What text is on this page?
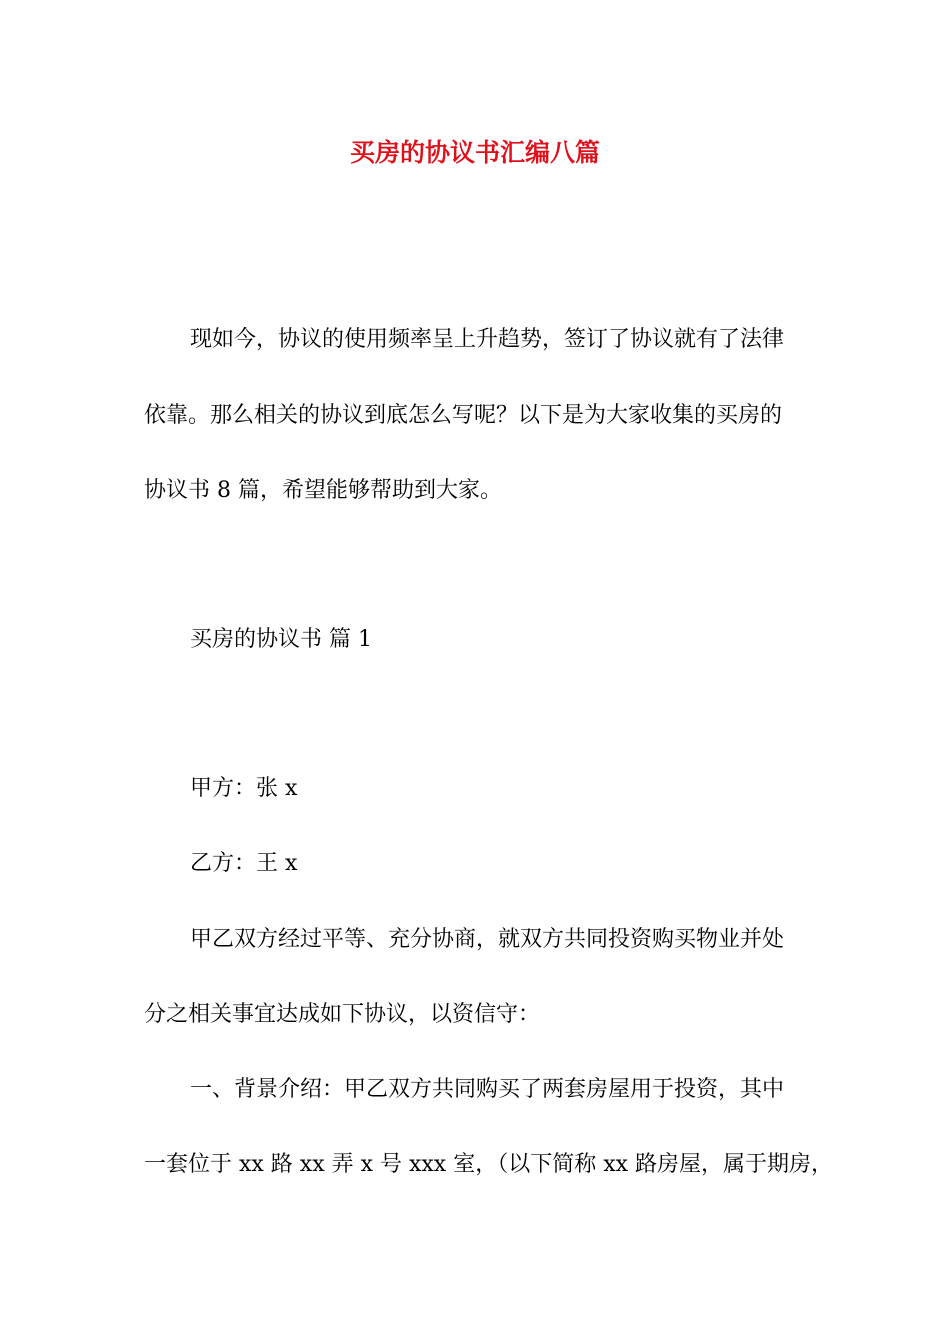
买房的协议书汇编八篇
现如今，协议的使用频率呈上升趋势，签订了协议就有了法律
依靠。那么相关的协议到底怎么写呢？以下是为大家收集的买房的
协议书 8 篇，希望能够帮助到大家。
买房的协议书 篇 1
甲方：张 x
乙方：王 x
甲乙双方经过平等、充分协商，就双方共同投资购买物业并处
分之相关事宜达成如下协议，以资信守：
一、背景介绍：甲乙双方共同购买了两套房屋用于投资，其中
一套位于 xx 路 xx 弄 x 号 xxx 室，（以下简称 xx 路房屋，属于期房，
